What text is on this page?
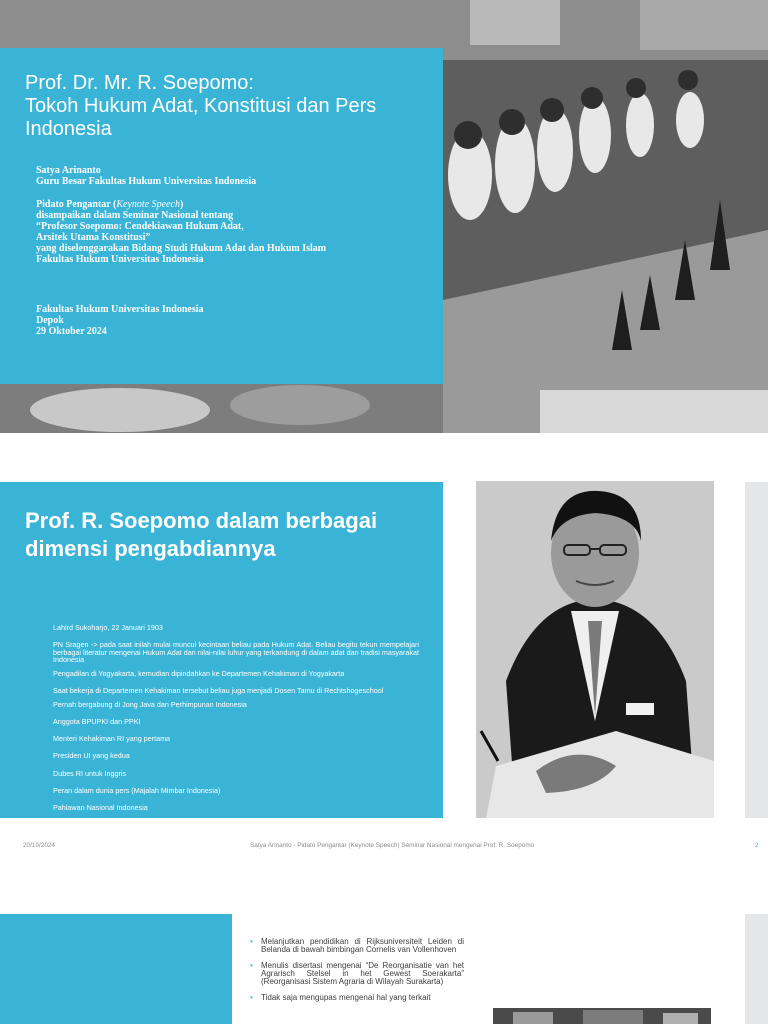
Prof. Dr. Mr. R. Soepomo:
Tokoh Hukum Adat, Konstitusi dan Pers
Indonesia
Satya Arinanto
Guru Besar Fakultas Hukum Universitas Indonesia
Pidato Pengantar (Keynote Speech)
disampaikan dalam Seminar Nasional tentang
“Profesor Soepomo: Cendekiawan Hukum Adat,
Arsitek Utama Konstitusi”
yang diselenggarakan Bidang Studi Hukum Adat dan Hukum Islam
Fakultas Hukum Universitas Indonesia
Fakultas Hukum Universitas Indonesia
Depok
29 Oktober 2024
Prof. R. Soepomo dalam berbagai dimensi pengabdiannya
Lahird Sukoharjo, 22 Januari 1903
PN Sragen -> pada saat inilah mulai muncul kecintaan beliau pada Hukum Adat. Beliau begitu tekun mempelajari berbagai literatur mengenai Hukum Adat dan nilai-nilai luhur yang terkandung di dalam adat dan tradisi masyarakat Indonesia
Pengadilan di Yogyakarta, kemudian dipindahkan ke Departemen Kehakiman di Yogyakarta
Saat bekerja di Departemen Kehakiman tersebut beliau juga menjadi Dosen Tamu di Rechtshogeschool
Pernah bergabung di Jong Java dan Perhimpunan Indonesia
Anggota BPUPKI dan PPKI
Menteri Kehakiman RI yang pertama
Presiden UI yang kedua
Dubes RI untuk Inggris
Peran dalam dunia pers (Majalah Mimbar Indonesia)
Pahlawan Nasional Indonesia
20/10/2024	Satya Arinanto - Pidato Pengantar (Keynote Speech) Seminar Nasional mengenai Prof. R. Soepomo	2
• Melanjutkan pendidikan di Rijksuniversiteit Leiden di Belanda di bawah bimbingan Cornelis van Vollenhoven
• Menulis disertasi mengenai “De Reorganisatie van het Agrarisch Stelsel in het Gewest Soerakarta” (Reorganisasi Sistem Agraria di Wilayah Surakarta)
• Tidak saja mengupas mengenai hal yang terkait
